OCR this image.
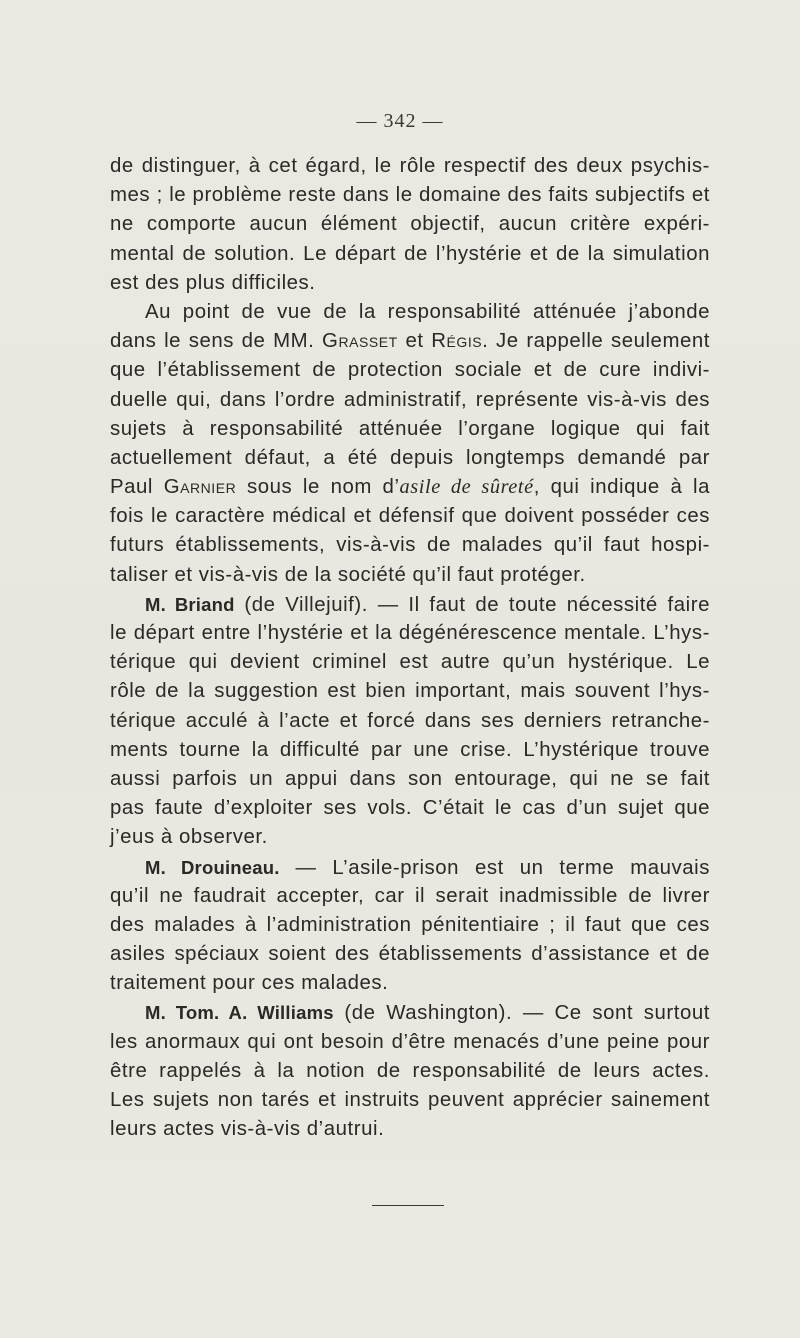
— 342 —
de distinguer, à cet égard, le rôle respectif des deux psychis-
mes ; le problème reste dans le domaine des faits subjectifs et
ne comporte aucun élément objectif, aucun critère expéri-
mental de solution. Le départ de l’hystérie et de la simulation
est des plus difficiles.
Au point de vue de la responsabilité atténuée j’abonde
dans le sens de MM. Grasset et Régis. Je rappelle seulement
que l’établissement de protection sociale et de cure indivi-
duelle qui, dans l’ordre administratif, représente vis-à-vis des
sujets à responsabilité atténuée l’organe logique qui fait
actuellement défaut, a été depuis longtemps demandé par
Paul Garnier sous le nom d’asile de sûreté, qui indique à la
fois le caractère médical et défensif que doivent posséder ces
futurs établissements, vis-à-vis de malades qu’il faut hospi-
taliser et vis-à-vis de la société qu’il faut protéger.
M. Briand (de Villejuif). — Il faut de toute nécessité faire
le départ entre l’hystérie et la dégénérescence mentale. L’hys-
térique qui devient criminel est autre qu’un hystérique. Le
rôle de la suggestion est bien important, mais souvent l’hys-
térique acculé à l’acte et forcé dans ses derniers retranche-
ments tourne la difficulté par une crise. L’hystérique trouve
aussi parfois un appui dans son entourage, qui ne se fait
pas faute d’exploiter ses vols. C’était le cas d’un sujet que
j’eus à observer.
M. Drouineau. — L’asile-prison est un terme mauvais
qu’il ne faudrait accepter, car il serait inadmissible de livrer
des malades à l’administration pénitentiaire ; il faut que ces
asiles spéciaux soient des établissements d’assistance et de
traitement pour ces malades.
M. Tom. A. Williams (de Washington). — Ce sont surtout
les anormaux qui ont besoin d’être menacés d’une peine pour
être rappelés à la notion de responsabilité de leurs actes.
Les sujets non tarés et instruits peuvent apprécier sainement
leurs actes vis-à-vis d’autrui.
